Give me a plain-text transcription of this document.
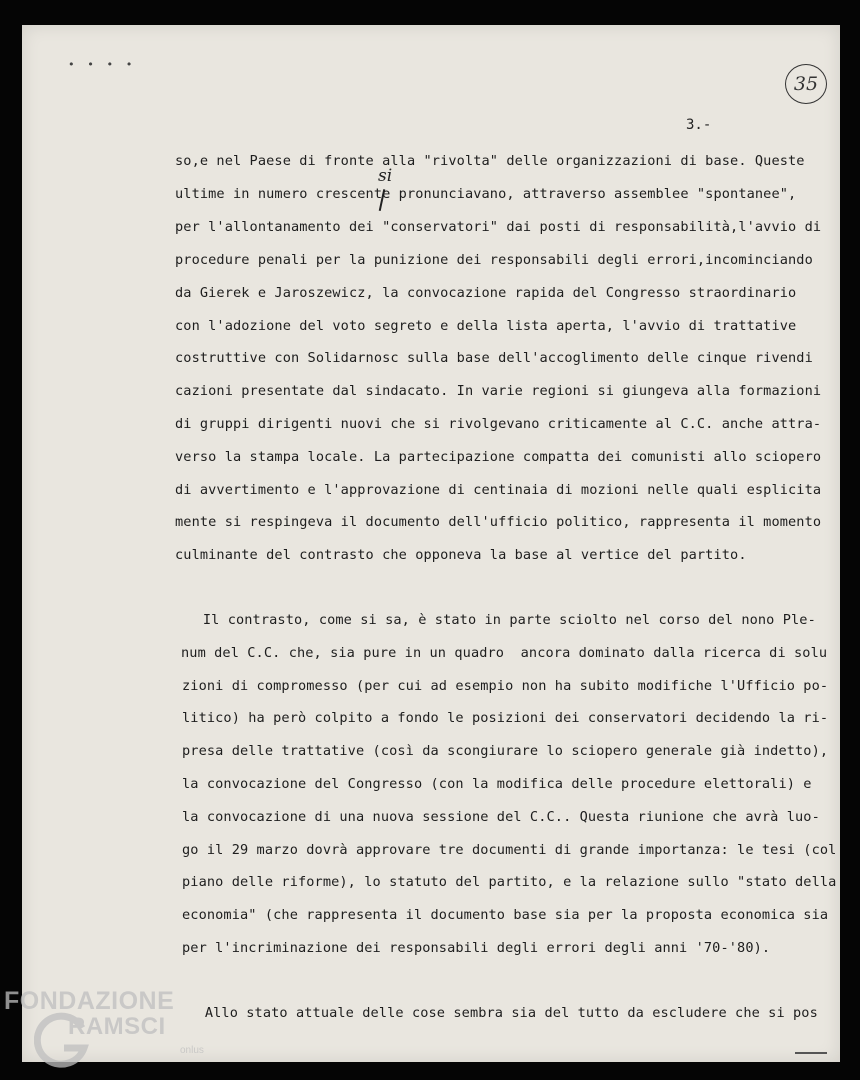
• • • •
35
3.-
si
so,e nel Paese di fronte alla "rivolta" delle organizzazioni di base. Queste
ultime in numero crescente pronunciavano, attraverso assemblee "spontanee",
per l'allontanamento dei "conservatori" dai posti di responsabilità,l'avvio di
procedure penali per la punizione dei responsabili degli errori,incominciando
da Gierek e Jaroszewicz, la convocazione rapida del Congresso straordinario
con l'adozione del voto segreto e della lista aperta, l'avvio di trattative
costruttive con Solidarnosc sulla base dell'accoglimento delle cinque rivendi
cazioni presentate dal sindacato. In varie regioni si giungeva alla formazioni
di gruppi dirigenti nuovi che si rivolgevano criticamente al C.C. anche attra-
verso la stampa locale. La partecipazione compatta dei comunisti allo sciopero
di avvertimento e l'approvazione di centinaia di mozioni nelle quali esplicita
mente si respingeva il documento dell'ufficio politico, rappresenta il momento
culminante del contrasto che opponeva la base al vertice del partito.
Il contrasto, come si sa, è stato in parte sciolto nel corso del nono Ple-
num del C.C. che, sia pure in un quadro  ancora dominato dalla ricerca di solu
zioni di compromesso (per cui ad esempio non ha subito modifiche l'Ufficio po-
litico) ha però colpito a fondo le posizioni dei conservatori decidendo la ri-
presa delle trattative (così da scongiurare lo sciopero generale già indetto),
la convocazione del Congresso (con la modifica delle procedure elettorali) e
la convocazione di una nuova sessione del C.C.. Questa riunione che avrà luo-
go il 29 marzo dovrà approvare tre documenti di grande importanza: le tesi (col
piano delle riforme), lo statuto del partito, e la relazione sullo "stato della
economia" (che rappresenta il documento base sia per la proposta economica sia
per l'incriminazione dei responsabili degli errori degli anni '70-'80).
Allo stato attuale delle cose sembra sia del tutto da escludere che si pos
FONDAZIONE
RAMSCI
onlus
